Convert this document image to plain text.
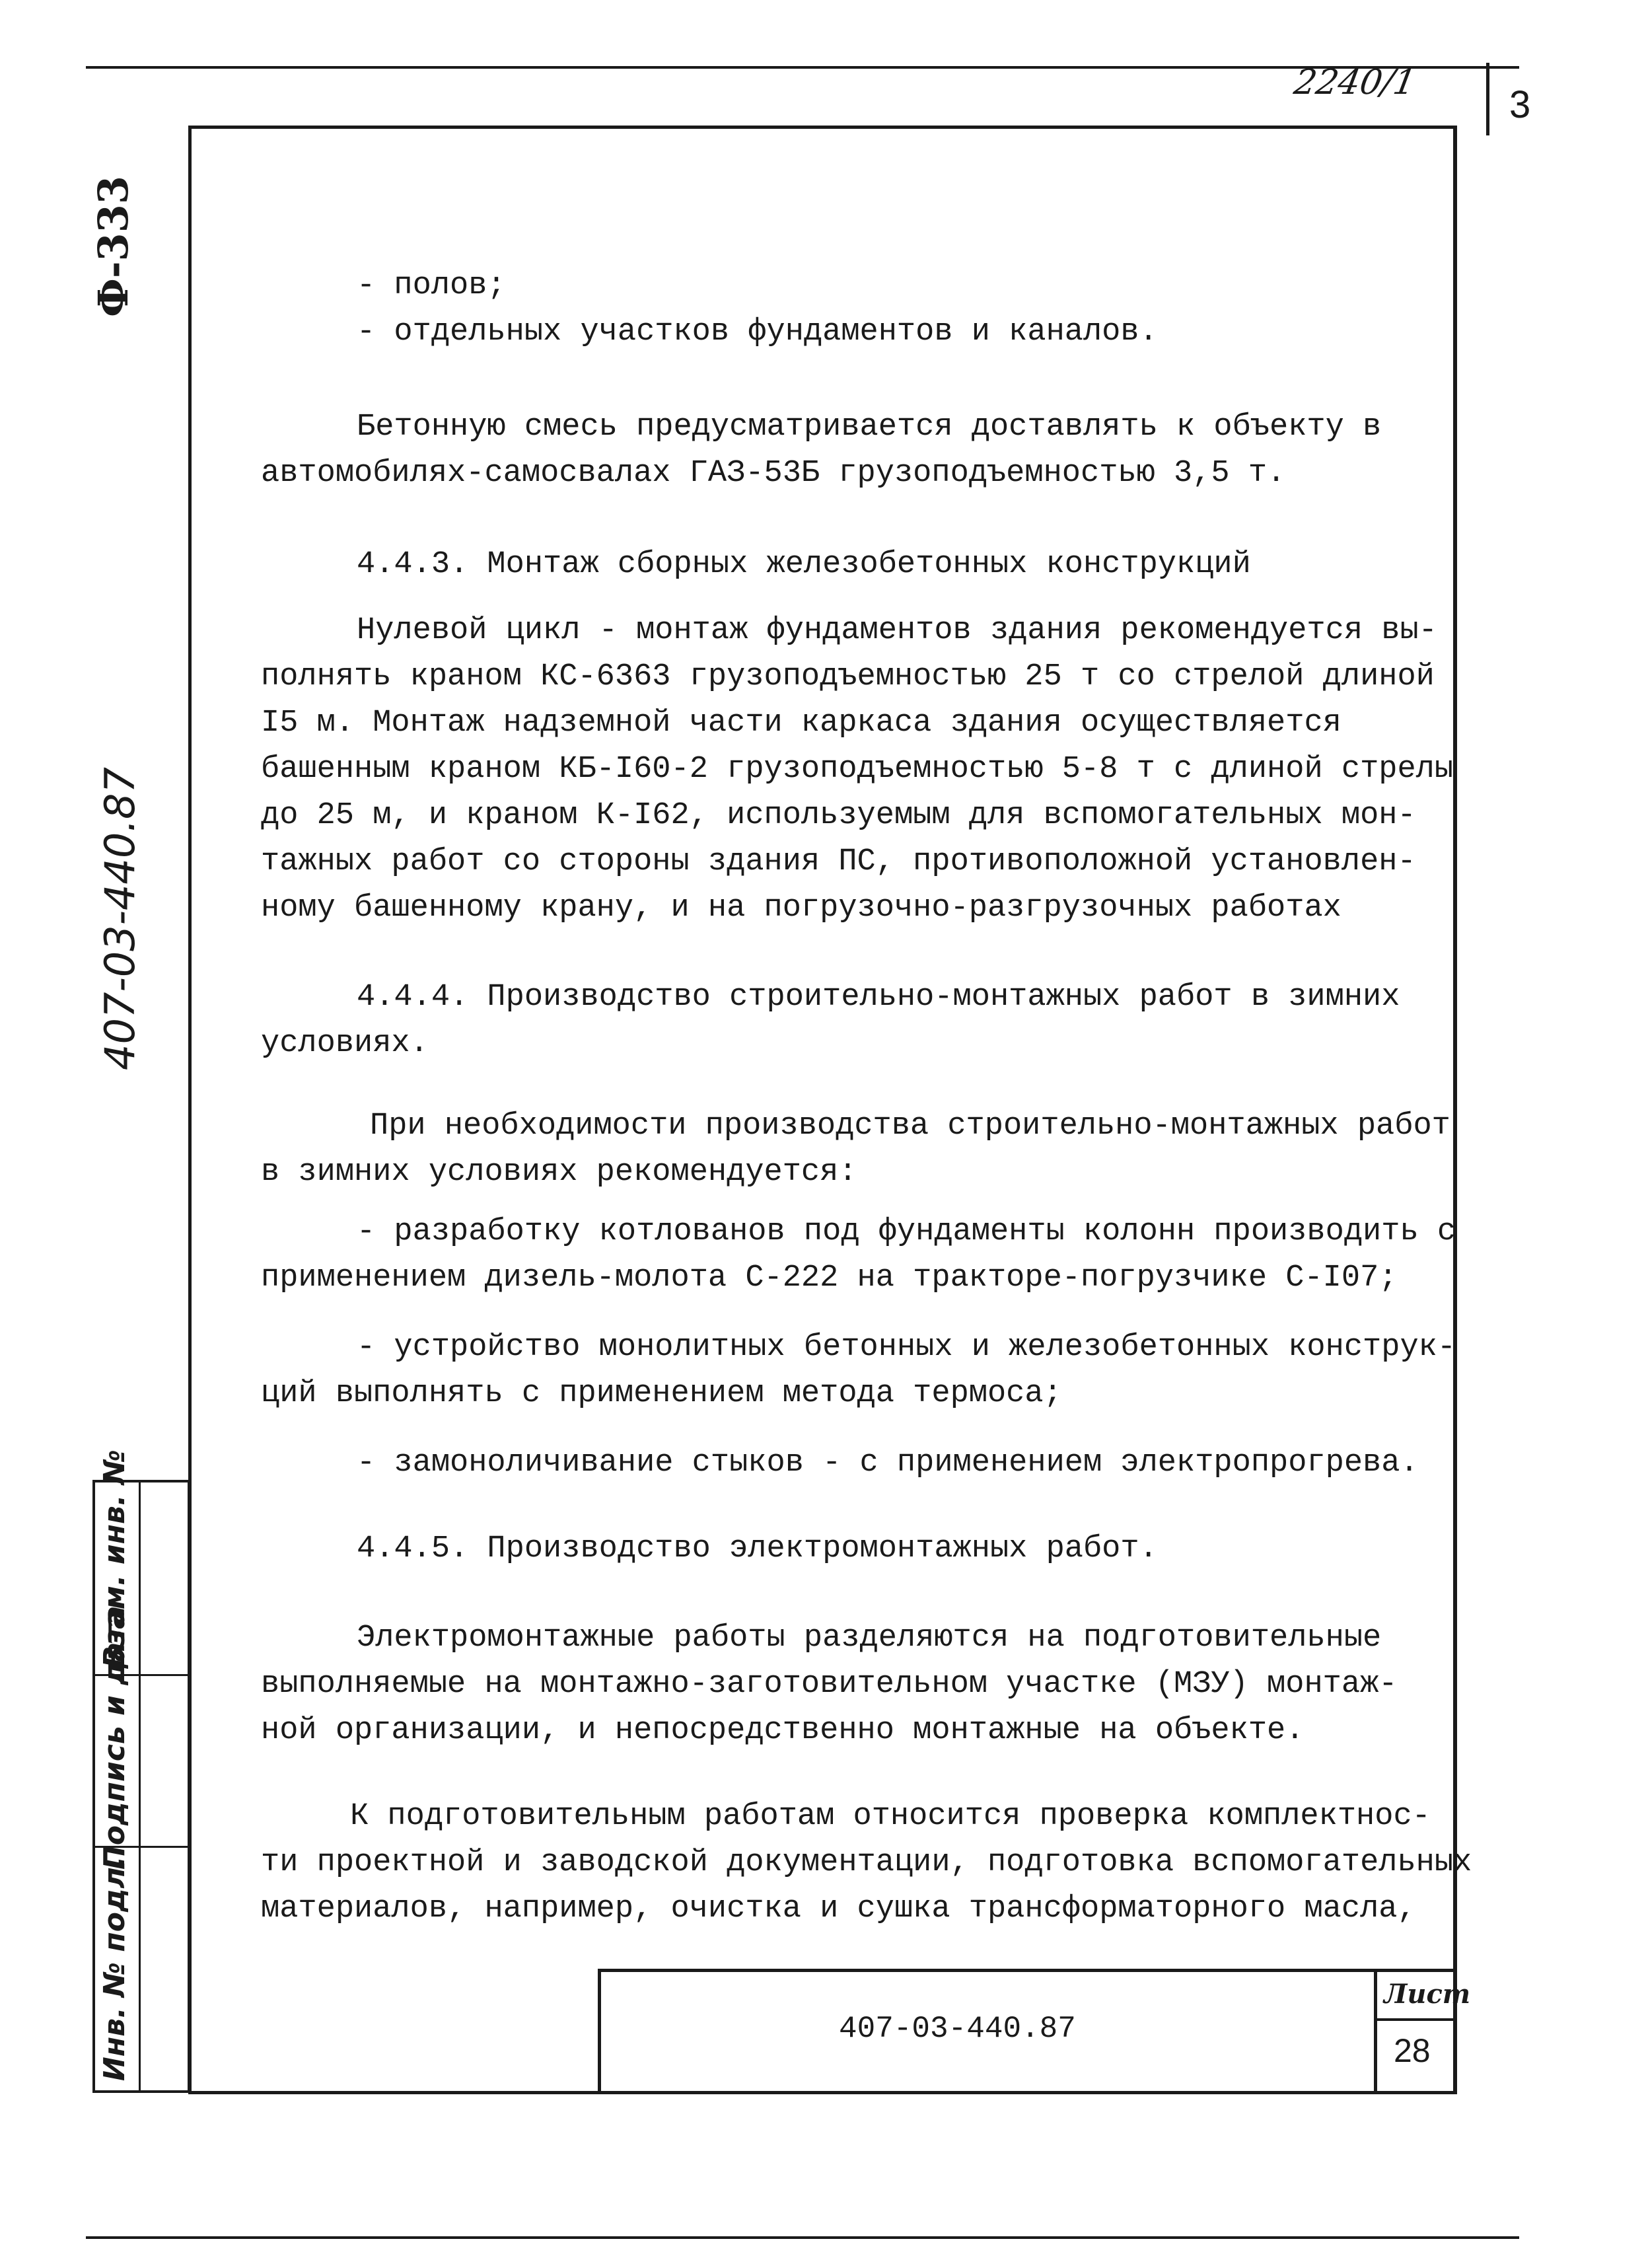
2240/1
3
Ф-333
407-03-440.87
Инв. № подл.
Подпись и дата
Взам. инв. №
- полов;
- отдельных участков фундаментов и каналов.
Бетонную смесь предусматривается доставлять к объекту в
автомобилях-самосвалах ГАЗ-53Б грузоподъемностью 3,5 т.
4.4.3. Монтаж сборных железобетонных конструкций
Нулевой цикл - монтаж фундаментов здания рекомендуется вы-
полнять краном КС-6363 грузоподъемностью 25 т со стрелой длиной
I5 м. Монтаж надземной части каркаса здания осуществляется
башенным краном КБ-I60-2 грузоподъемностью 5-8 т с длиной стрелы
до 25 м, и краном К-I62, используемым для вспомогательных мон-
тажных работ со стороны здания ПС, противоположной установлен-
ному башенному крану, и на погрузочно-разгрузочных работах
4.4.4. Производство строительно-монтажных работ в зимних
условиях.
При необходимости производства строительно-монтажных работ
в зимних условиях рекомендуется:
- разработку котлованов под фундаменты колонн производить с
применением дизель-молота С-222 на тракторе-погрузчике С-I07;
- устройство монолитных бетонных и железобетонных конструк-
ций выполнять с применением метода термоса;
- замоноличивание стыков - с применением электропрогрева.
4.4.5. Производство электромонтажных работ.
Электромонтажные работы разделяются на подготовительные
выполняемые на монтажно-заготовительном участке (МЗУ) монтаж-
ной организации, и непосредственно монтажные на объекте.
К подготовительным работам относится проверка комплектнос-
ти проектной и заводской документации, подготовка вспомогательных
материалов, например, очистка и сушка трансформаторного масла,
407-03-440.87
Лист
28
